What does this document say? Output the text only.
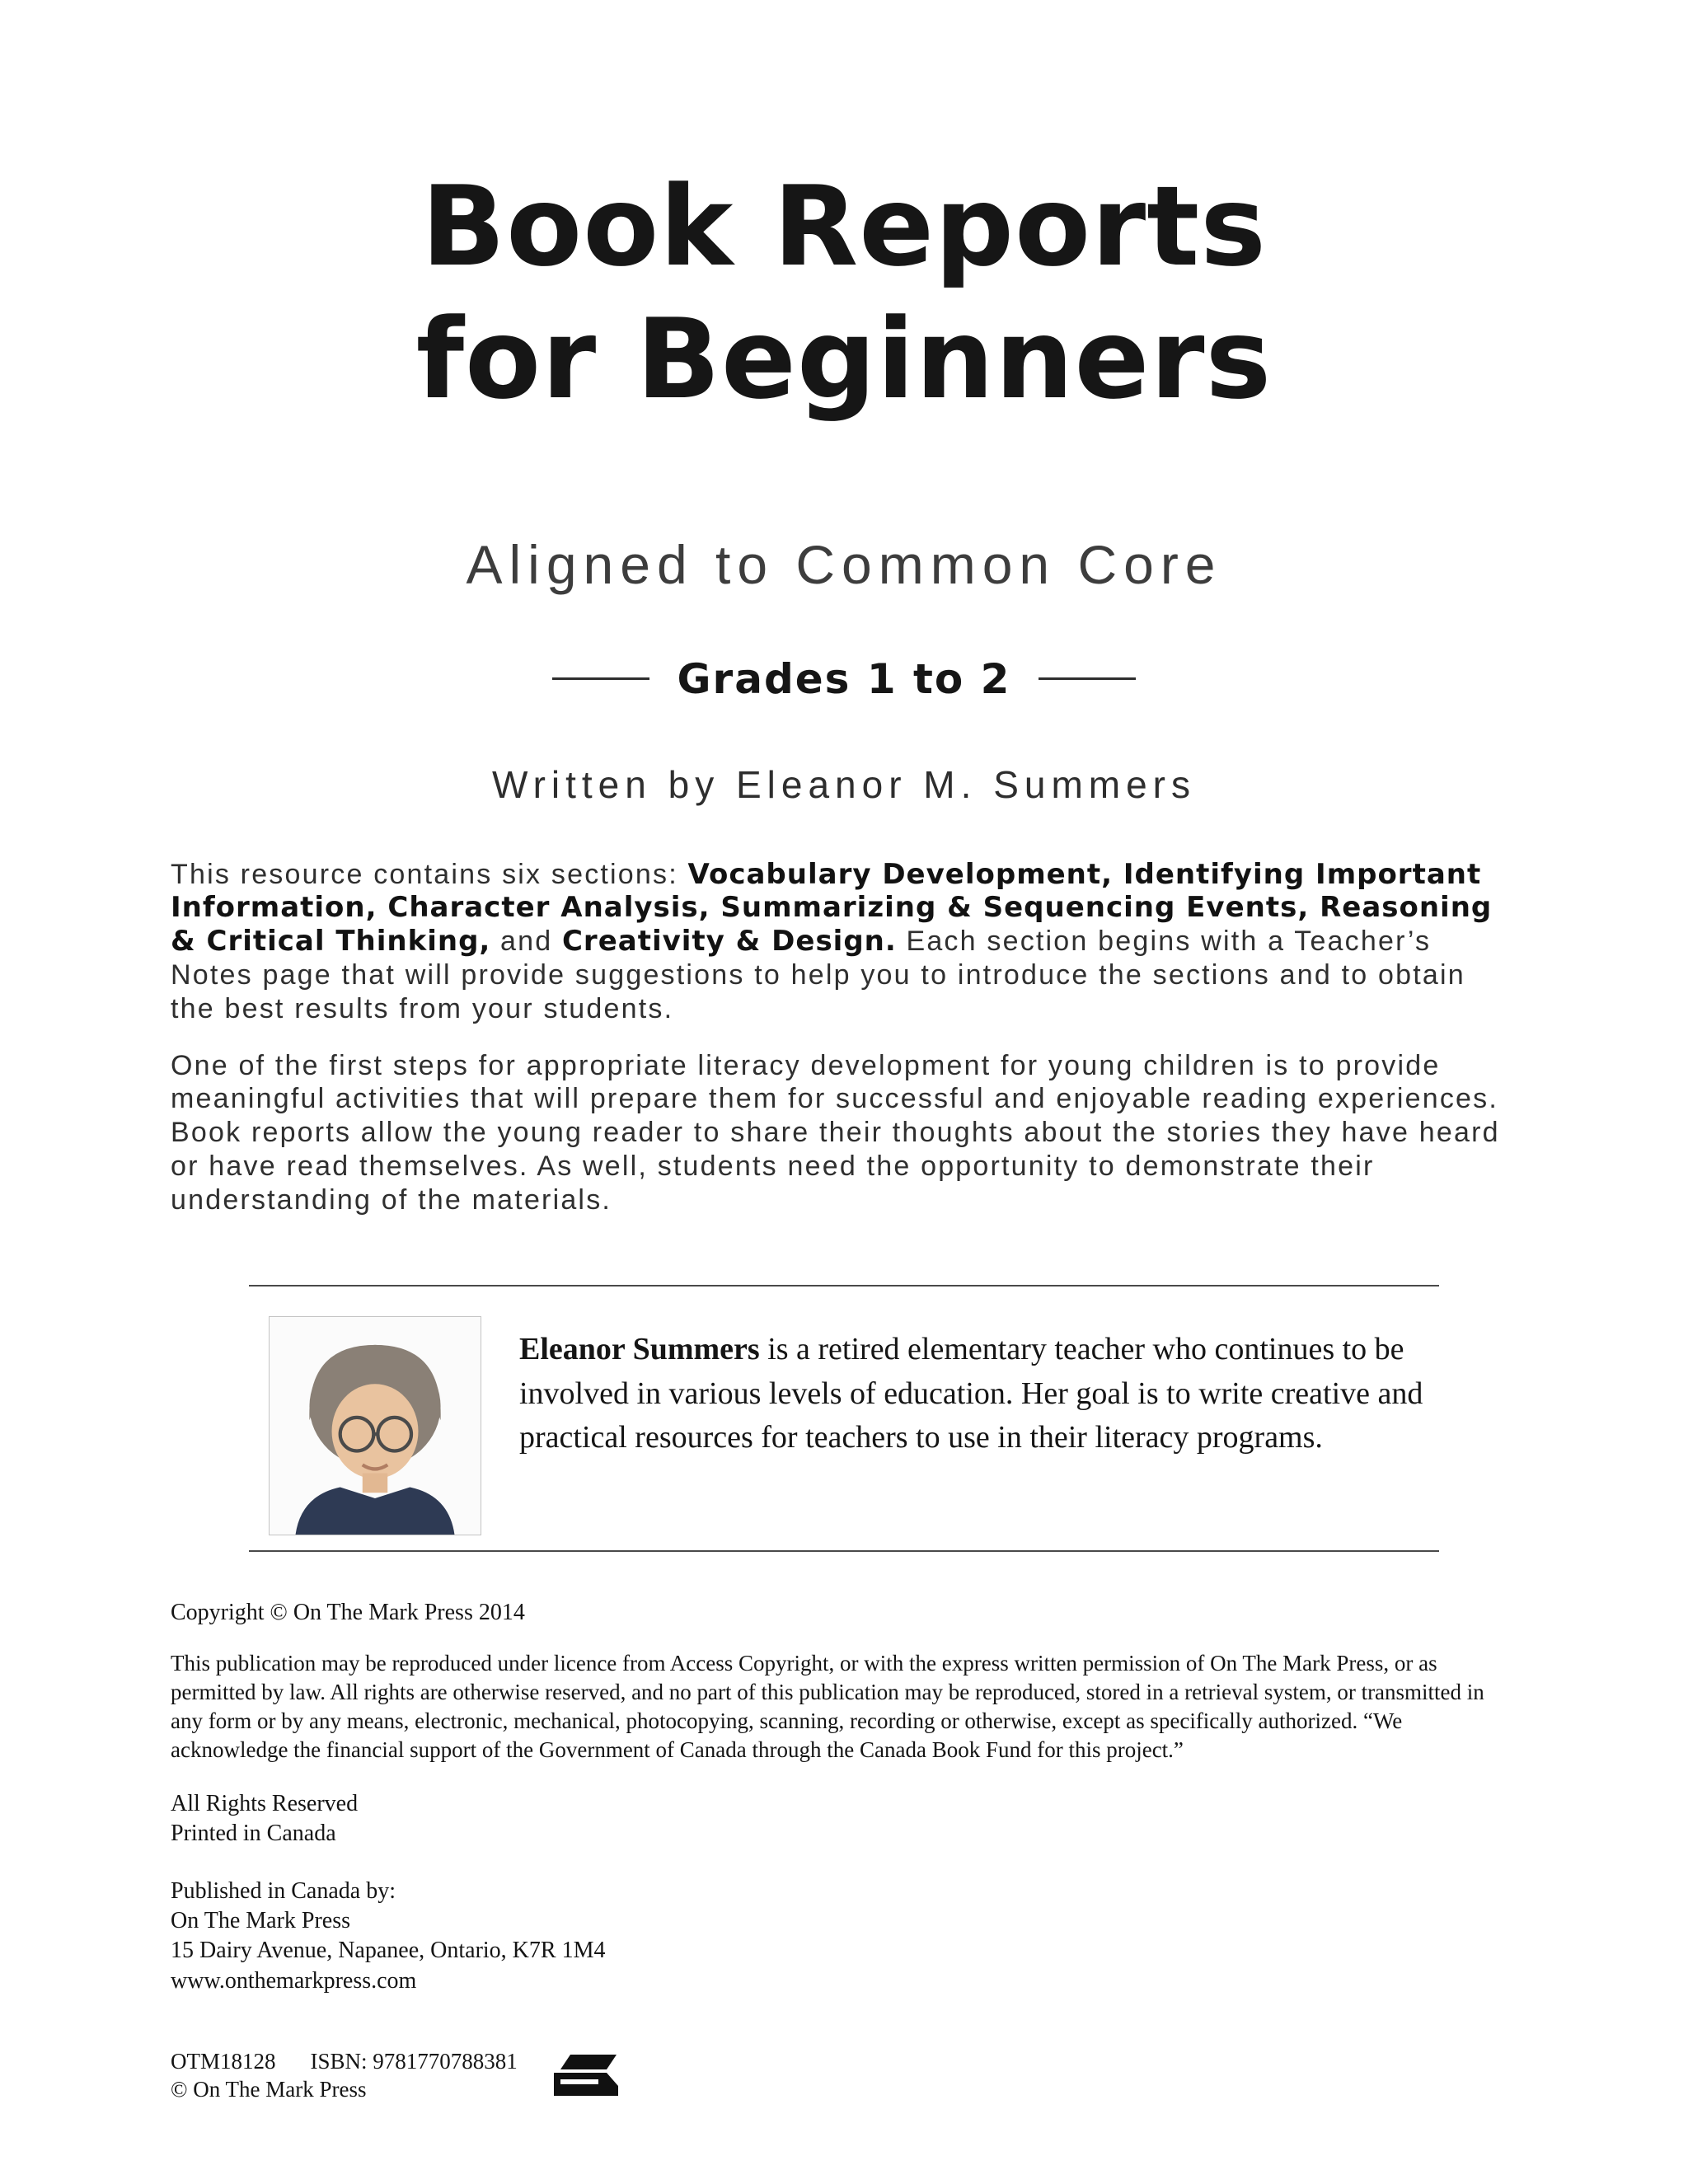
Book Reports
for Beginners
Aligned to Common Core
Grades 1 to 2
Written by Eleanor M. Summers

This resource contains six sections: Vocabulary Development, Identifying Important Information, Character Analysis, Summarizing & Sequencing Events, Reasoning & Critical Thinking, and Creativity & Design. Each section begins with a Teacher’s Notes page that will provide suggestions to help you to introduce the sections and to obtain the best results from your students.

One of the first steps for appropriate literacy development for young children is to provide meaningful activities that will prepare them for successful and enjoyable reading experiences. Book reports allow the young reader to share their thoughts about the stories they have heard or have read themselves. As well, students need the opportunity to demonstrate their understanding of the materials.

Eleanor Summers is a retired elementary teacher who continues to be involved in various levels of education. Her goal is to write creative and practical resources for teachers to use in their literacy programs.

Copyright © On The Mark Press 2014

This publication may be reproduced under licence from Access Copyright, or with the express written permission of On The Mark Press, or as permitted by law. All rights are otherwise reserved, and no part of this publication may be reproduced, stored in a retrieval system, or transmitted in any form or by any means, electronic, mechanical, photocopying, scanning, recording or otherwise, except as specifically authorized. “We acknowledge the financial support of the Government of Canada through the Canada Book Fund for this project.”

All Rights Reserved
Printed in Canada
Published in Canada by:
On The Mark Press
15 Dairy Avenue, Napanee, Ontario, K7R 1M4
www.onthemarkpress.com
OTM18128 ISBN: 9781770788381
© On The Mark Press
